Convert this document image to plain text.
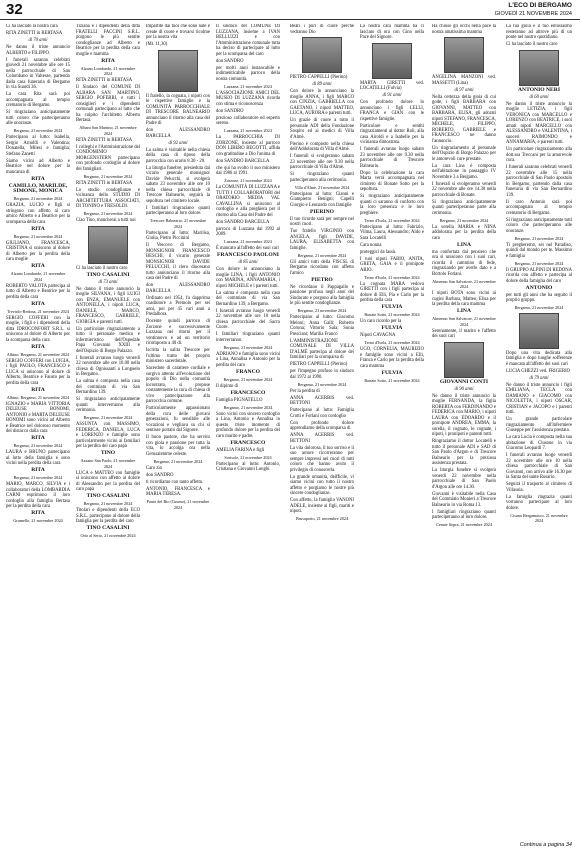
32	L'ECO DI BERGAMO
GIOVEDÌ 21 NOVEMBRE 2024

Ci ha lasciato la nostra cara

RITA ZINETTI in BERTASA

di 70 anni

Ne danno il triste annuncio ALBERTO e FILIPPO.

I funerali saranno celebrati giovedì 21 novembre alle ore 15 nella parrocchiale di San Colombano in Valtesse, partendo dalla casa funeraria di Bergamo in via Suardi 36.

La cara Rita sarà poi accompagnata al tempio crematorio di Bergamo.

Si ringraziano anticipatamente tutti coloro che parteciperanno alle onoranze.

Bergamo, 21 novembre 2024

Partecipano al lutto: Isabella, Sergio Arnoldi e Valentina; Donatella, Milesi e famiglia; Stefano Zanetti

Siamo vicini ad Alberto e Beatrice nel dolore per la mancanza di

RITA

CAMILLO, MARILDE, SIMONE, MONICA

Bergamo, 21 novembre 2024

GRAZIA, LUCIO e figli si stringono con affetto al caro amico Alberto e a Beatrice per la scomparsa della cara

RITA

Bergamo, 21 novembre 2024

GIULIANO, FRANCESCA, CRISTINA si uniscono al dolore di Alberto per la perdita della cara moglie

RITA

Alzano Lombardo, 21 novembre 2024

ROBERTO VALOTA partecipa al lutto di Alberto e Beatrice per la perdita della cara

RITA

Treviolo-Redona, 21 novembre 2024

SERGIO COFFERI con la moglie, i figli e i dipendenti della ditta IDROCONFORT S.R.L. si uniscono al dolore di Alberto per la scomparsa della cara

RITA

Albino, Bergamo, 21 novembre 2024

SERGIO COFFERI con LUIGIA, i figli PAOLO, FRANCESCO e LUCA si uniscono al dolore di Alberto, Beatrice e Fausto per la perdita della cara

RITA

Albino, Bergamo, 21 novembre 2024

IGNAZIO e MARIA VITTORIA DELEUSE BONOMI, ANTONIO e MARTA DELEUSE BONOMI sono vicini ad Alberto e Beatrice nel doloroso momento del distacco dalla cara

RITA

Bergamo, 21 novembre 2024

LAURA e BRUNO partecipano al lutto della famiglia e sono vicini nella perdita della cara

RITA

Bergamo, 21 novembre 2024

MARIO, MARCO, SILVIA e i collaboratori della LOMBARDIA CARNI esprimono il loro cordoglio alla famiglia Bertasa per la perdita della cara

RITA

Grumello, 21 novembre 2024

Tiziana e i dipendenti della ditta FRATELLI FACCINI S.R.L. porgono le più sentite condoglianze ad Alberto e Beatrice per la perdita della cara moglie e mamma

RITA

Alzano Lombardo, 21 novembre 2024

RITA ZINETTI in BERTASA

Il Sindaco del COMUNE DI ALBARA SAN MARTINO, SERGIO POFERRI, e tutti i consiglieri e i dipendenti comunali partecipano al lutto che ha colpito l'architetto Alberto Bertasa.

Albara San Martino, 21 novembre 2024

RITA ZINETTI in BERTASA

I colleghi e l'Amministrazione del CONDOMINIO MORGENSTERN partecipano con profondo cordoglio al dolore dei famigliari.

Bergamo, 21 novembre 2024

RITA ZINETTI in BERTASA

Lo studio condoglianze e vicinanza dello STUDIO DI ARCHITETTURA ASSOCIATI, DI TONINO e TRESOLDI.

Bergamo, 21 novembre 2024

Ciao Tino, mancherai a tutti noi

Ci ha lasciato il nostro caro

TINO CASALINI

di 73 anni

Ne danno il triste annuncio la moglie SILVANA, i figli LUIGI con ENZA, EMANUELE con ANTONELLA, i nipoti LUCA, DANIELE, MARCO, FRANCESCO, GABRIELE, GIORGIA e parenti tutti.

Un particolare ringraziamento a tutto il personale medico e infermieristico dell'Ospedale Papa Giovanni XXIII e dell'Ospizio di Borgo Palazzo.

I funerali avranno luogo venerdì 22 novembre alle ore 10.00 nella chiesa di Ognissanti a Longuelo in Bergamo.

La salma è composta nella casa del commiato di via San Bernardino 139.

Si ringraziano anticipatamente quanti interverranno alla cerimonia.

Bergamo, 21 novembre 2024

ASSUNTA con MASSIMO, FEDERICA, DANIELA, LUCA e LORENZO e famiglie sono particolarmente vicini ai familiari per la perdita del caro papà

TINO

Azzano San Paolo, 21 novembre 2024

LUCA e MATTEO con famiglie si uniscono con affetto al dolore di Alessandro per la perdita del caro papà

TINO CASALINI

Bergamo, 21 novembre 2024

Titolari e dipendenti della ECO S.R.L. partecipano al dolore della famiglia per la perdita del caro

TINO CASALINI

Orio al Serio, 21 novembre 2024

Impartite dai tuoi che sono nate e create di cuore e trovarsi ricolme per la nostra vita

(Mt. 11,30)

Il fratello, la cognata, i nipoti con le rispettive famiglie e la COMUNITÀ PARROCCHIALE DI TRESCORE BALNEARIO annunciano il ritorno alla casa del Padre di

don ALESSANDRO BARCELLA

di 92 anni

La salma è visitabile nella chiesa della casa di riposo della parrocchia con orario 8.30 - 20.

La liturgia funebre, presieduta dal vicario generale monsignor Davide Pelucchi, si svolgerà sabato 23 novembre alle ore 10 nella chiesa parrocchiale di Trescore Balneario, seguirà la sepoltura nel cimitero locale.

I familiari ringraziano quanti parteciperanno al loro dolore.

Trescore Balneario, 21 novembre 2024

Partecipano al lutto: Marilisa, Giulia, Pietro Piccinini

Il Vescovo di Bergamo, MONSIGNOR FRANCESCO BESCHI, il vicario generale MONSIGNOR DAVIDE PELUCCHI, il clero diocesano tutto annunciano il ritorno alla casa del Padre di

don ALESSANDRO BARCELLA

Ordinato nel 1954, fu dapprima coadiutore a Premolo per sei anni, poi per 45 vari anni a Predalbora.

Docente quindi parroco di Zorzone e successivamente Luzzana nei ritorni per il ventinnovo e ad un territorio ricomposto a 40 di.

Iscritta la salita Trescore per l'ultimo tratto del proprio ministero sacerdotale.

Sacerdote di carattere cordiale e sorgiva attento all'evoluzione del popolo di Dio nella comunità incontrato, si propose costantemente la cura di chiesa di vivo partecipazione alla parrocchia comune.

Particolarmente appassionato della cura delle giovani generazioni, fu sensibile alle vocazioni e vegliava su chi si sentisse portato dal Signore.

Il buon pastore, che ha servito con gioia e passione per tutta la vita, lo accolga ora nella Gerusalemme celeste.

Bergamo, 21 novembre 2024

Caro zio

don SANDRO

ti ricordiamo con tanto affetto.

ANTONIO, FRANCESCA e MARIA TERESA.

Ponte del Rio (Grumo), 21 novembre 2024

Il sindaco del COMUNE DI LUZZANA, insieme a IVAN BELLUZZI e con l'Amministrazione comunale tutta ha deciso di partecipare al lutto per la scomparsa del caro

don SANDRO

per molti anni instancabile e indimenticabile parroco della nostra comunità.

Luzzana, 21 novembre 2024

L'ASSOCIAZIONE AMICI DEL MUSEO DI LUZZANA ricorda con stima e riconoscenza

don SANDRO

prezioso collaboratore ed esperto sereno.

Luzzana, 21 novembre 2024

La PARROCCHIA DI ZORZONE, insieme al parroco DON LIBERO BEGOTTI, affida con gratitudine a Dio l'anima di

don SANDRO BARCELLA

che qui ha svolto il suo ministero dal 1986 al 1991.

Zorzone, 21 novembre 2024

La COMUNITÀ DI LUZZANA e TUTTI I COLLABORATORI del ORATORIO MEDIA VAL CAVALLINA si uniscono al cordoglio e alla preghiera per il ritorno alla Casa del Padre del

don SANDRO BARCELLA

parroco di Luzzana dal 1992 al 2009.

Luzzana, 21 novembre 2024

È mancato all'affetto dei suoi cari

FRANCESCO PAOLONI

di 85 anni

Con dolore lo annunciano la moglie LINA, i figli ANTONIO con MARINA, ANNAMARIA, i nipoti MICHELE e i parenti tutti.

La salma è composta nella casa del commiato di via San Bernardino 139, a Bergamo.

I funerali avranno luogo venerdì 22 novembre alle ore 10 nella chiesa parrocchiale del Sacro Cuore.

I familiari ringraziano quanti interverranno.

Bergamo, 21 novembre 2024

ADRIANO e famiglia sono vicini a Lina, Annalisa e Antonio per la perdita del caro

FRANCO

Bergamo, 21 novembre 2024

Il dipinto di

FRANCESCO

Famiglia PIGNATELLO

Bergamo, 21 novembre 2024

Sono vicini con sincero cordoglio a Lina, Antonio e Annalisa in questo triste momento di profondo dolore per la perdita del caro marito e padre.

FRANCESCO

AMELIA FARINA e figli

Sorisole, 21 novembre 2024

Partecipano al lutto: Antonio, Cristiana e Giovanni Longhi

Beati i puri di cuore perché vedranno Dio

PIETRO CAPPELLI (Pierino)

di 89 anni

Con dolore lo annunciano la moglie ANNA, i figli MARCO con CINZIA, GABRIELLA con GAETANO, i nipoti MATTEO, LUCA, AURORA e parenti tutti.

Un grazie di cuore a tutto il personale ADI della Fondazione Sospiro ed ai medici di Villa d'Almè.

Pierino è composto nella chiesa dell'Addolorata di Villa d'Almè.

I funerali si svolgeranno sabato 23 novembre alle ore 9.30 nella parrocchiale di Villa d'Almè.

Si ringraziano quanti parteciperanno alla cerimonia.

Villa d'Almè, 21 novembre 2024

Partecipano al lutto: Gianni e Giampietro Benigni; Capelli Giorgio e Leonardo con famiglie

PIERINO

Il tuo ricordo sarà per sempre nei nostri cuori.

Tuo fratello VIRGINIO con ANGELA, figli DAVIDE, LAURA, ELISABETTA con famiglie.

Bergamo, 21 novembre 2024

Gli amici tutti della FISCSL di Bergamo ricordano con affetto l'amico

PIETRO

Ne ricordano il Pappagallo e passione profusa negli anni del Sindacato e porgono alla famiglia le più sentite condoglianze.

Bergamo, 21 novembre 2024

Partecipano al lutto: Giacomo Meloni; Anna Galli; Roberto Corona; Vittorio Sala; Sonia Presciani; Marilia Franco

L'AMMINISTRAZIONE COMUNALE DI VILLA D'ALMÈ partecipa al dolore dei familiari per la scomparsa di

PIETRO CAPPELLI (Pierino)

per l'impegno profuso in sindaco dal 1972 al 1990.

Bergamo, 21 novembre 2024

Per la perdita di

ANNA ACERBIS ved. BETTONI

Partecipano al lutto: Famiglia Crotti e Forlani con cordoglio

Con profondo dolore apprendiamo della scomparsa di

ANNA ACERBIS ved. BETTONI

La vita dolorosa, il tuo sorriso e il suo amore ricorreranno per sempre impressi nei cuori di tutti coloro che hanno avuto il privilegio di conoscerla.

La grande umanità, deifficile, vi siamo vicini con tutto il nostro affetto e porgiamo le nostre più sincere condoglianze.

Con affetto, la famiglia VANONI ADELE, insieme ai figli, mariti e nipoti.

Brusaporto, 21 novembre 2024

La nostra cara mamma ha ci lasciato di ora con Gino nella Pace del Signore.

MARTA GIRETTI ved. LOCATELLI (Fulvia)

di 91 anni

Con profondo dolore lo annunciano i figli LELLI, FRANCA e GIAN con le rispettive famiglie.

Particolare e sentiti ringraziamenti al dottor Roli, alla casa Airoldi e a Isabelle per la vicinanza dimostrata.

I funerali avranno luogo sabato 23 novembre alle ore 9.30 nella parrocchiale di Trescore Balneario.

Dopo la celebrazione la cara Marta verrà accompagnata nel cimitero di Bonate Sotto per la sepoltura.

Si ringraziano anticipatamente quanti ci saranno di conforto con la loro presenza e le loro preghiere.

Terno d'Isola, 21 novembre 2024

Partecipano al lutto: Fabrizio, Vilma, Laura, Alessandro; Aldo e Sara Locatelli

Cara nonna

proteggici da lassù.

I tuoi nipoti FABIO, ANITA, GRETA, GAIA e il pronipote ARIO.

Terno d'Isola, 21 novembre 2024

La cognata MARA vedova GIRETTI con i figli partecipa al dolore di Elli, Pia e Carlo per la perdita della cara

FULVIA

Bonate Sotto, 21 novembre 2024

Un caro ricordo per la

FULVIA

Nipoti CAVAGNA

Terno d'Isola, 21 novembre 2024

UGO, CORNELIA, MAURIZIO e famiglie sono vicini a Elli, Franca e Carlo per la perdita della cara mamma

FULVIA

Bonate Sotto, 21 novembre 2024

Ha chiuso gli occhi nella pace la nostra amatissima mamma

ANGELINA MANZONI ved. MASSETTI (Lina)

di 97 anni

Nella certezza della gioia di cui gode, i figli BARBARA con GIOVANNI, MATTEO con BARBARA, ELISA, gli adorati nipoti STEFANO, FRANCESCA, MICHELE, FILIPPO, ROBERTO, GABRIELE e FRANCESCO ne danno l'annuncio.

Un ringraziamento al personale dell'Ospizio di Borgo Palazzo per le amorevoli cure prestate.

La cara Lina è composta nell'abitazione in passaggio IV Novembre 3 a Bergamo.

I funerali si svolgeranno venerdì 22 novembre alle ore 14.30 nella parrocchiale di Bonate.

Si ringraziano anticipatamente quanti parteciperanno parte alla cerimonia.

Bergamo, 21 novembre 2024

La sorella MARIA e NINA addolorata per la perdita della cara

LINA

ma confortata dal pensiero che ora si uniscono con i suoi cari, ricorda il cammino di fede, ringraziando per averle dato e a Bortolo Forlani.

Almenno San Salvatore, 21 novembre 2024

I nipoti BOTA sono vicini ai cugini Barbara, Matteo, Elisa per la perdita della cara mamma

LINA

Almenno San Salvatore, 21 novembre 2024

Serenamente, il marito e l'affetto dei suoi cari

GIOVANNI CONTI

di 90 anni

Ne danno il triste annuncio la moglie FERNANDA, la figlia ROBERTA con FERDINANDO e FEDERICA con MARIO, i nipoti LAURA con EDOARDO e il pronipote ANDREA, EMMA, la sorella, il cognato, le cognate, i nipoti, i pronipoti e parenti tutti.

Ringraziamo il dottor Locatelli e tutto il personale ADI e SAD di San Paolo d'Argon e di Trescore Balneario per la preziosa assistenza prestata.

La liturgia funebre si svolgerà venerdì 22 novembre nella parrocchiale di San Paolo d'Argon alle ore 14.30.

Giovanni è visitabile nella Casa del Commiato Monieri a Trescore Balneario in via Roma 13.

I famigliari ringraziano quanti parteciperanno al loro dolore.

Cenate Sopra, 21 novembre 2024

La tua gioia e il tuo entusiasmo resteranno ad altrove più di un ponte nel nostro quotidiano.

Ci ha lasciato il nostro caro

ANTONIO NERI

di 60 anni

Ne danno il triste annuncio la moglie LETIZIA, i figli VERONICA con MARCELLO e LORENZO con BEATRICE, i suoi amati nipoti MARCELLO con ALESSANDRO e VALENTINA, i suoceri RAIMONDO e ANNAMARIA, e parenti tutti.

Un particolare ringraziamento alla dott.ssa Treccani per la amorevole cura.

I funerali saranno celebrati venerdì 22 novembre alle 15 nella parrocchiale di San Paolo apostolo in Bergamo, partendo dalla casa funeraria di via San Bernardino 139.

Il caro Antonio sarà poi accompagnato al tempio crematorio di Bergamo.

Si ringraziano anticipatamente tutti coloro che parteciperanno alle onoranze.

Bergamo, 21 novembre 2024

Ti pregheremo, sei nel Paradiso, quindi dal mondo per te. Massimo e famiglia

Bergamo, 21 novembre 2024

Il GRUPPO ALPINI DI REDONA ricorda con affetto e partecipa al dolore della famiglia del caro

ANTONIO

per tutti gli anni che ha seguito il proprio gruppo.

Bergamo, 21 novembre 2024

Dopo una vita dedicata alla famiglia e dopo lunghe sofferenze è mancata all'affetto dei suoi cari

LUCIA GHEZZI ved. FRIGERIO

di 79 anni

Ne danno il triste annuncio i figli EMILIANA, TECLA con DAMIANO e GIACOMO con NICOLETTA, i nipoti OSCAR, CRISTIAN e JACOPO e i parenti tutti.

Un grande particolare ringraziamento all'Infermiere Giuseppe per l'assistenza prestata.

La cara Lucia è composta nella sua abitazione di Clusone in via Giacomo Leopardi 7.

I funerali avranno luogo venerdì 22 novembre alle ore 10 nella chiesa parrocchiale di San Giovanni, con arrivo alle 16.30 per la Santa del sante Rosario.

Seguirà il trasporto al cimitero di Villasola.

La famiglia ringrazia quanti vorranno partecipare al loro dolore.

Cisano Bergamasco, 21 novembre 2024

Continua a pagina 34
